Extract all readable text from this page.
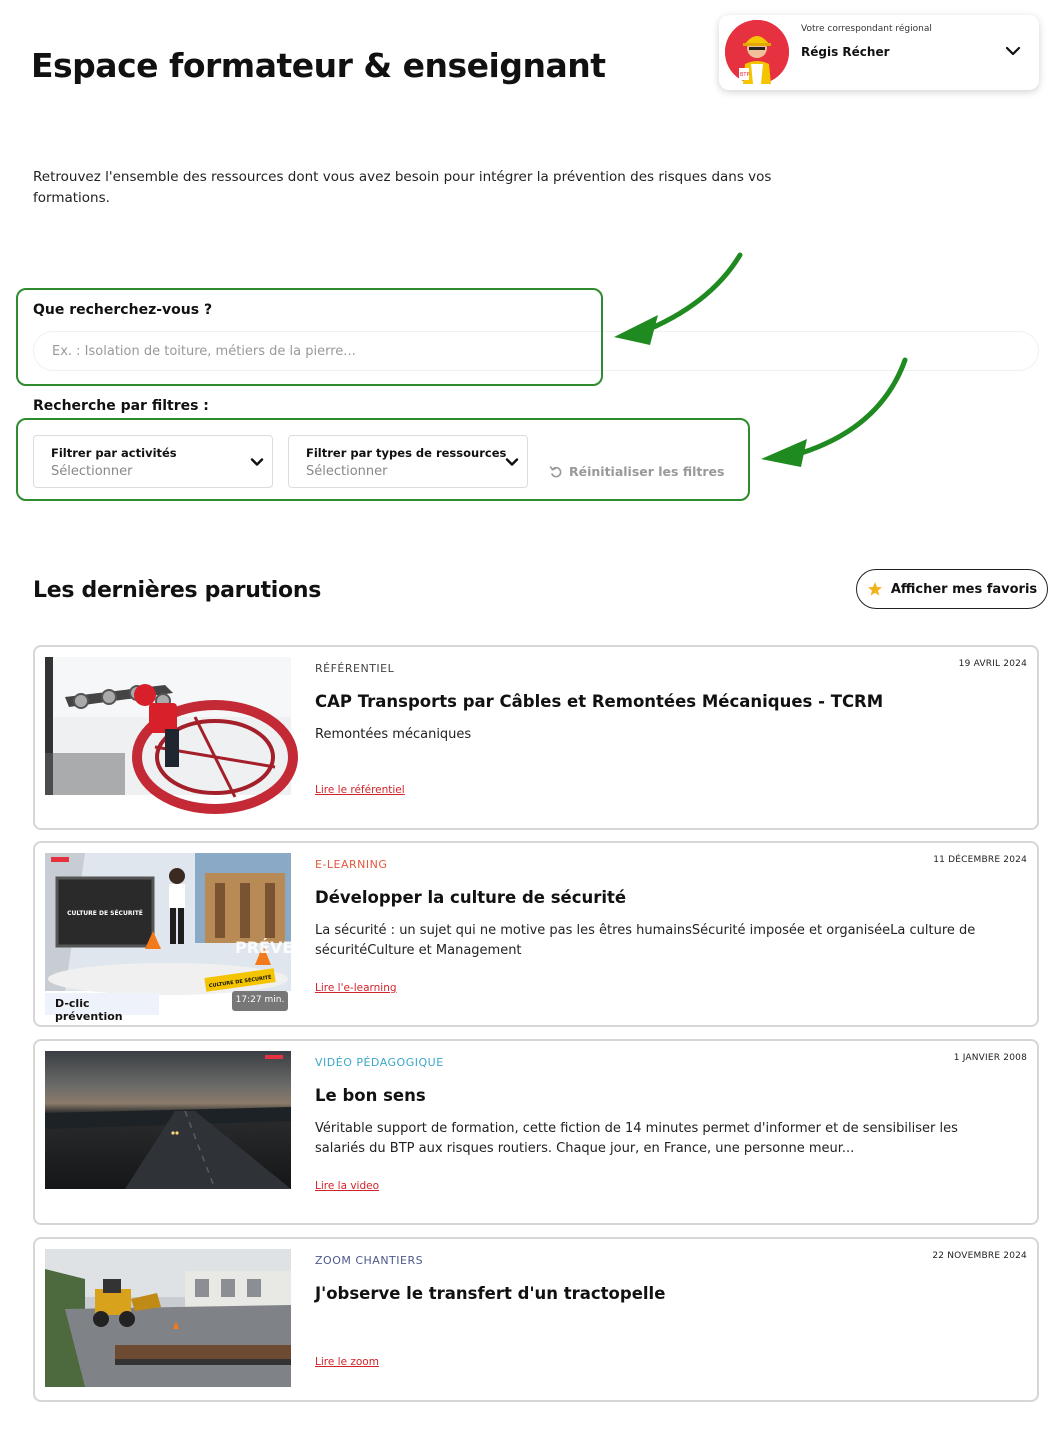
Espace formateur & enseignant	BTP
Votre correspondant régional
Régis Récher

Retrouvez l'ensemble des ressources dont vous avez besoin pour intégrer la prévention des risques dans vos formations.

Que recherchez-vous ?
Ex. : Isolation de toiture, métiers de la pierre...
Recherche par filtres :
Filtrer par activités
Sélectionner
Filtrer par types de ressources
Sélectionner	Réinitialiser les filtres
Les dernières parutions	Afficher mes favoris
RÉFÉRENTIEL	19 AVRIL 2024
CAP Transports par Câbles et Remontées Mécaniques - TCRM
Remontées mécaniques
Lire le référentiel
CULTURE DE SÉCURITÉ
PRÉVENTION
CULTURE DE SÉCURITÉ
D-clic prévention
17:27 min.
E-LEARNING	11 DÉCEMBRE 2024
Développer la culture de sécurité
La sécurité : un sujet qui ne motive pas les êtres humainsSécurité imposée et organiséeLa culture de sécuritéCulture et Management
Lire l'e-learning
VIDÉO PÉDAGOGIQUE	1 JANVIER 2008
Le bon sens
Véritable support de formation, cette fiction de 14 minutes permet d'informer et de sensibiliser les salariés du BTP aux risques routiers. Chaque jour, en France, une personne meur...
Lire la video
ZOOM CHANTIERS	22 NOVEMBRE 2024
J'observe le transfert d'un tractopelle
Lire le zoom
